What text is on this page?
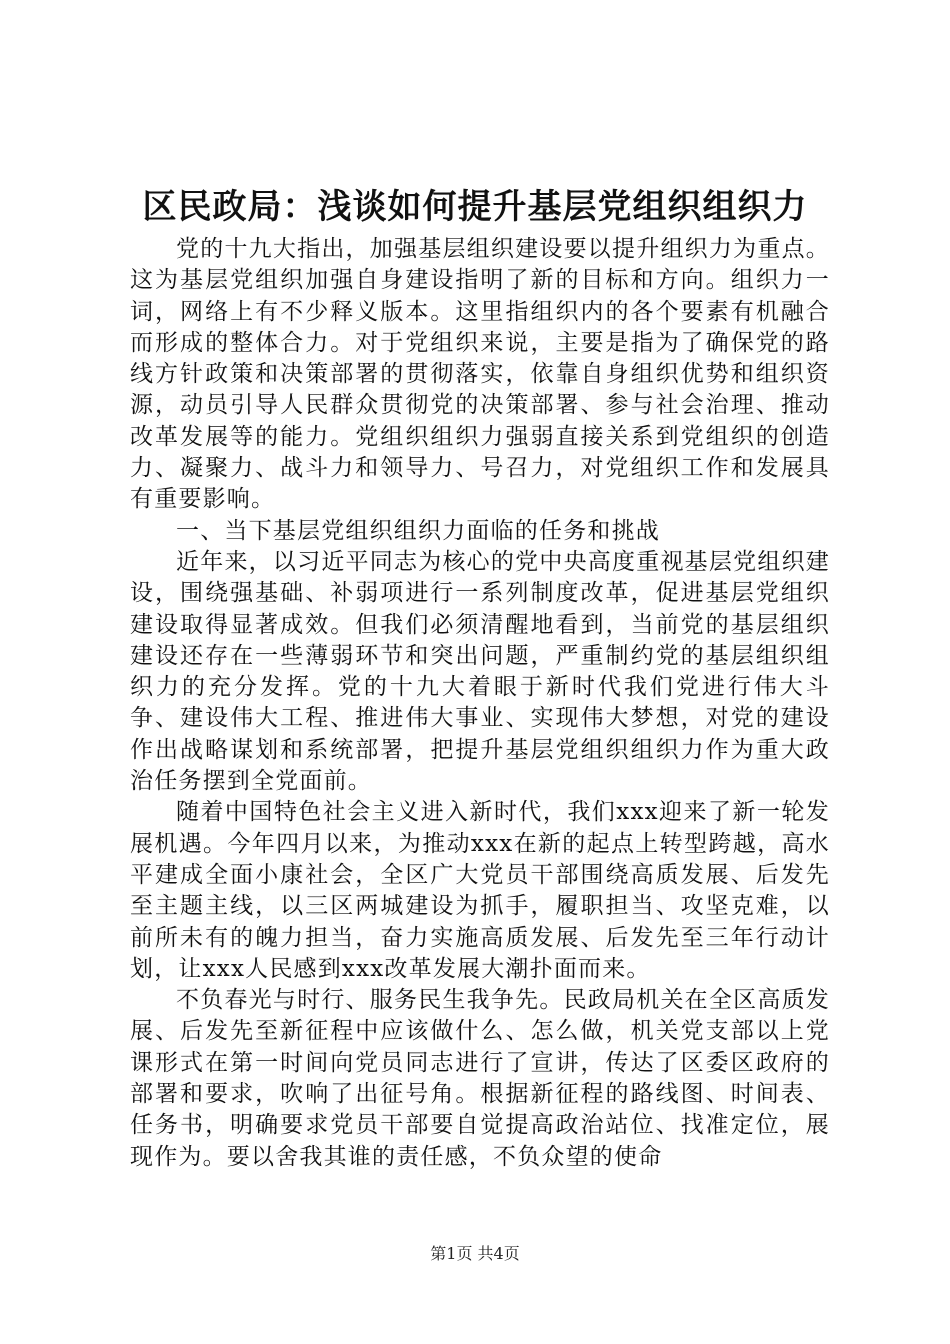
区民政局：浅谈如何提升基层党组织组织力

党的十九大指出，加强基层组织建设要以提升组织力为重点。这为基层党组织加强自身建设指明了新的目标和方向。组织力一词，网络上有不少释义版本。这里指组织内的各个要素有机融合而形成的整体合力。对于党组织来说，主要是指为了确保党的路线方针政策和决策部署的贯彻落实，依靠自身组织优势和组织资源，动员引导人民群众贯彻党的决策部署、参与社会治理、推动改革发展等的能力。党组织组织力强弱直接关系到党组织的创造力、凝聚力、战斗力和领导力、号召力，对党组织工作和发展具有重要影响。

一、当下基层党组织组织力面临的任务和挑战

近年来，以习近平同志为核心的党中央高度重视基层党组织建设，围绕强基础、补弱项进行一系列制度改革，促进基层党组织建设取得显著成效。但我们必须清醒地看到，当前党的基层组织建设还存在一些薄弱环节和突出问题，严重制约党的基层组织组织力的充分发挥。党的十九大着眼于新时代我们党进行伟大斗争、建设伟大工程、推进伟大事业、实现伟大梦想，对党的建设作出战略谋划和系统部署，把提升基层党组织组织力作为重大政治任务摆到全党面前。

随着中国特色社会主义进入新时代，我们xxx迎来了新一轮发展机遇。今年四月以来，为推动xxx在新的起点上转型跨越，高水平建成全面小康社会，全区广大党员干部围绕高质发展、后发先至主题主线，以三区两城建设为抓手，履职担当、攻坚克难，以前所未有的魄力担当，奋力实施高质发展、后发先至三年行动计划，让xxx人民感到xxx改革发展大潮扑面而来。

不负春光与时行、服务民生我争先。民政局机关在全区高质发展、后发先至新征程中应该做什么、怎么做，机关党支部以上党课形式在第一时间向党员同志进行了宣讲，传达了区委区政府的部署和要求，吹响了出征号角。根据新征程的路线图、时间表、任务书，明确要求党员干部要自觉提高政治站位、找准定位，展现作为。要以舍我其谁的责任感，不负众望的使命

第1页 共4页
